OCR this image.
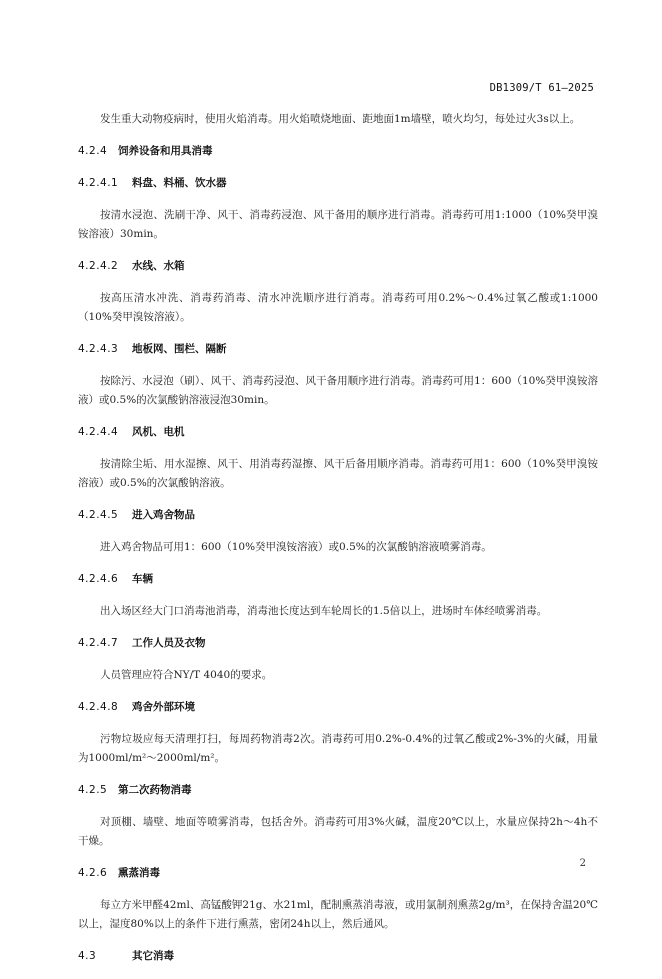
DB1309/T 61—2025

发生重大动物疫病时，使用火焰消毒。用火焰喷烧地面、距地面1m墙壁，喷火均匀，每处过火3s以上。

4.2.4 饲养设备和用具消毒
4.2.4.1 料盘、料桶、饮水器

按清水浸泡、洗刷干净、风干、消毒药浸泡、风干备用的顺序进行消毒。消毒药可用1:1000（10%癸甲溴铵溶液）30min。

4.2.4.2 水线、水箱

按高压清水冲洗、消毒药消毒、清水冲洗顺序进行消毒。消毒药可用0.2%～0.4%过氧乙酸或1:1000（10%癸甲溴铵溶液）。

4.2.4.3 地板网、围栏、隔断

按除污、水浸泡（刷）、风干、消毒药浸泡、风干备用顺序进行消毒。消毒药可用1：600（10%癸甲溴铵溶液）或0.5%的次氯酸钠溶液浸泡30min。

4.2.4.4 风机、电机

按清除尘垢、用水湿擦、风干、用消毒药湿擦、风干后备用顺序消毒。消毒药可用1：600（10%癸甲溴铵溶液）或0.5%的次氯酸钠溶液。

4.2.4.5 进入鸡舍物品

进入鸡舍物品可用1：600（10%癸甲溴铵溶液）或0.5%的次氯酸钠溶液喷雾消毒。

4.2.4.6 车辆

出入场区经大门口消毒池消毒，消毒池长度达到车轮周长的1.5倍以上，进场时车体经喷雾消毒。

4.2.4.7 工作人员及衣物

人员管理应符合NY/T 4040的要求。

4.2.4.8 鸡舍外部环境

污物垃圾应每天清理打扫，每周药物消毒2次。消毒药可用0.2%-0.4%的过氧乙酸或2%-3%的火碱，用量为1000ml/m²～2000ml/m²。

4.2.5 第二次药物消毒

对顶棚、墙壁、地面等喷雾消毒，包括舍外。消毒药可用3%火碱，温度20℃以上，水量应保持2h～4h不干燥。

4.2.6 熏蒸消毒

每立方米甲醛42ml、高锰酸钾21g、水21ml，配制熏蒸消毒液，或用氯制剂熏蒸2g/m³，在保持舍温20℃以上，湿度80%以上的条件下进行熏蒸，密闭24h以上，然后通风。

4.3	其它消毒
2
